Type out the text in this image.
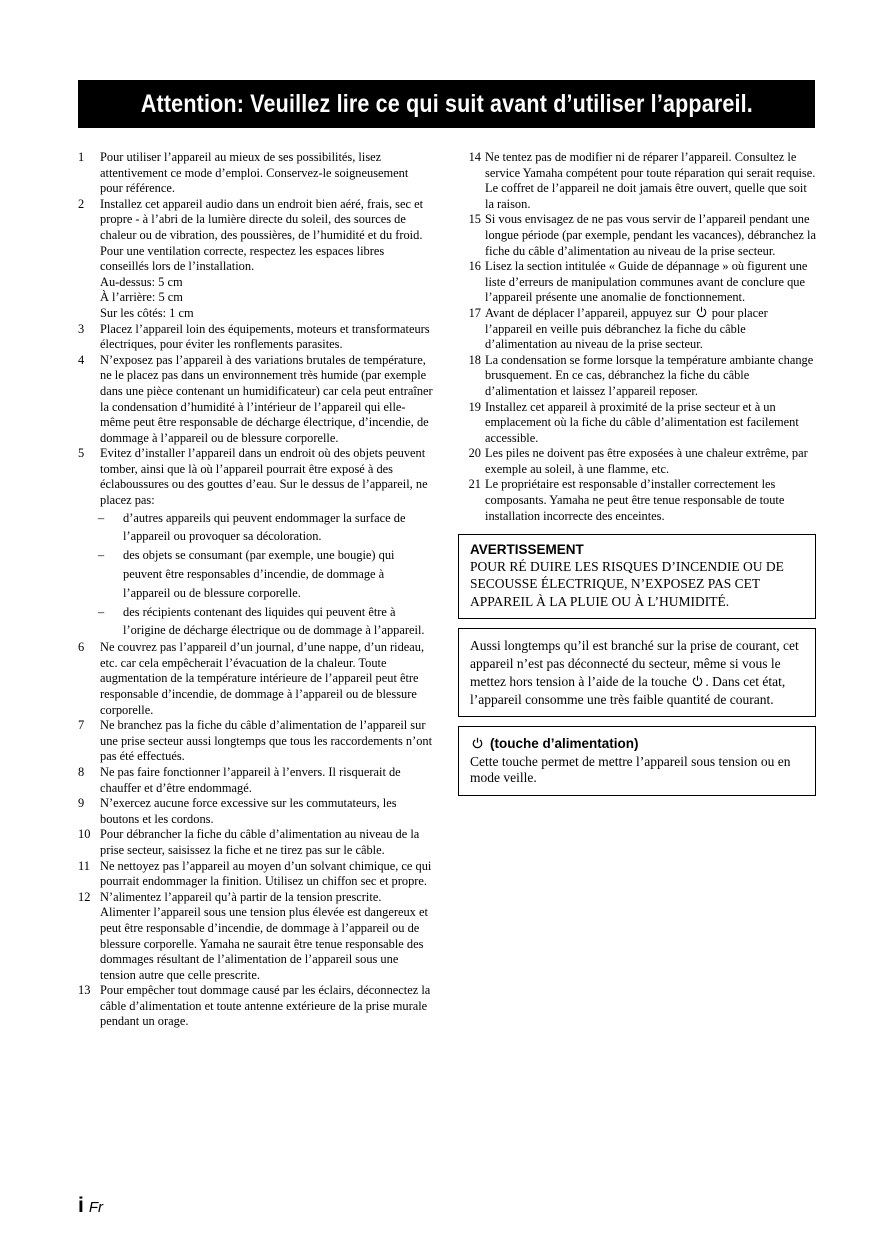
Attention: Veuillez lire ce qui suit avant d’utiliser l’appareil.
1	Pour utiliser l’appareil au mieux de ses possibilités, lisez attentivement ce mode d’emploi. Conservez-le soigneusement pour référence.
2	Installez cet appareil audio dans un endroit bien aéré, frais, sec et propre - à l’abri de la lumière directe du soleil, des sources de chaleur ou de vibration, des poussières, de l’humidité et du froid. Pour une ventilation correcte, respectez les espaces libres conseillés lors de l’installation.
Au-dessus: 5 cm
À l’arrière: 5 cm
Sur les côtés: 1 cm
3	Placez l’appareil loin des équipements, moteurs et transformateurs électriques, pour éviter les ronflements parasites.
4	N’exposez pas l’appareil à des variations brutales de température, ne le placez pas dans un environnement très humide (par exemple dans une pièce contenant un humidificateur) car cela peut entraîner la condensation d’humidité à l’intérieur de l’appareil qui elle-même peut être responsable de décharge électrique, d’incendie, de dommage à l’appareil ou de blessure corporelle.
5	Evitez d’installer l’appareil dans un endroit où des objets peuvent tomber, ainsi que là où l’appareil pourrait être exposé à des éclaboussures ou des gouttes d’eau. Sur le dessus de l’appareil, ne placez pas:
–	d’autres appareils qui peuvent endommager la surface de l’appareil ou provoquer sa décoloration.
–	des objets se consumant (par exemple, une bougie) qui peuvent être responsables d’incendie, de dommage à l’appareil ou de blessure corporelle.
–	des récipients contenant des liquides qui peuvent être à l’origine de décharge électrique ou de dommage à l’appareil.
6	Ne couvrez pas l’appareil d’un journal, d’une nappe, d’un rideau, etc. car cela empêcherait l’évacuation de la chaleur. Toute augmentation de la température intérieure de l’appareil peut être responsable d’incendie, de dommage à l’appareil ou de blessure corporelle.
7	Ne branchez pas la fiche du câble d’alimentation de l’appareil sur une prise secteur aussi longtemps que tous les raccordements n’ont pas été effectués.
8	Ne pas faire fonctionner l’appareil à l’envers. Il risquerait de chauffer et d’être endommagé.
9	N’exercez aucune force excessive sur les commutateurs, les boutons et les cordons.
10 Pour débrancher la fiche du câble d’alimentation au niveau de la prise secteur, saisissez la fiche et ne tirez pas sur le câble.
11 Ne nettoyez pas l’appareil au moyen d’un solvant chimique, ce qui pourrait endommager la finition. Utilisez un chiffon sec et propre.
12 N’alimentez l’appareil qu’à partir de la tension prescrite. Alimenter l’appareil sous une tension plus élevée est dangereux et peut être responsable d’incendie, de dommage à l’appareil ou de blessure corporelle. Yamaha ne saurait être tenue responsable des dommages résultant de l’alimentation de l’appareil sous une tension autre que celle prescrite.
13 Pour empêcher tout dommage causé par les éclairs, déconnectez la câble d’alimentation et toute antenne extérieure de la prise murale pendant un orage.
14 Ne tentez pas de modifier ni de réparer l’appareil. Consultez le service Yamaha compétent pour toute réparation qui serait requise. Le coffret de l’appareil ne doit jamais être ouvert, quelle que soit la raison.
15 Si vous envisagez de ne pas vous servir de l’appareil pendant une longue période (par exemple, pendant les vacances), débranchez la fiche du câble d’alimentation au niveau de la prise secteur.
16 Lisez la section intitulée « Guide de dépannage » où figurent une liste d’erreurs de manipulation communes avant de conclure que l’appareil présente une anomalie de fonctionnement.
17 Avant de déplacer l’appareil, appuyez sur pour placer l’appareil en veille puis débranchez la fiche du câble d’alimentation au niveau de la prise secteur.
18 La condensation se forme lorsque la température ambiante change brusquement. En ce cas, débranchez la fiche du câble d’alimentation et laissez l’appareil reposer.
19 Installez cet appareil à proximité de la prise secteur et à un emplacement où la fiche du câble d’alimentation est facilement accessible.
20 Les piles ne doivent pas être exposées à une chaleur extrême, par exemple au soleil, à une flamme, etc.
21 Le propriétaire est responsable d’installer correctement les composants. Yamaha ne peut être tenue responsable de toute installation incorrecte des enceintes.
AVERTISSEMENT
POUR RÉ DUIRE LES RISQUES D’INCENDIE OU DE SECOUSSE ÉLECTRIQUE, N’EXPOSEZ PAS CET APPAREIL À LA PLUIE OU À L’HUMIDITÉ.
Aussi longtemps qu’il est branché sur la prise de courant, cet appareil n’est pas déconnecté du secteur, même si vous le mettez hors tension à l’aide de la touche . Dans cet état, l’appareil consomme une très faible quantité de courant.
(touche d’alimentation)
Cette touche permet de mettre l’appareil sous tension ou en mode veille.
i Fr
